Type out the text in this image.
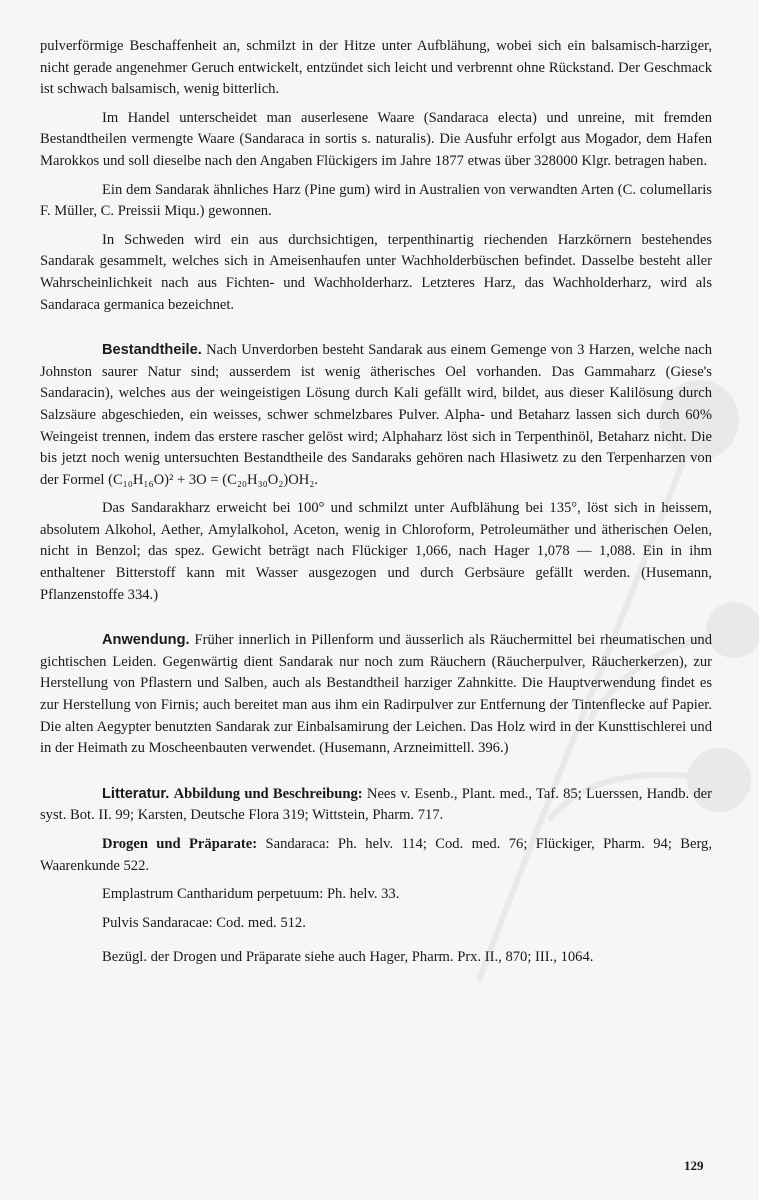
pulverförmige Beschaffenheit an, schmilzt in der Hitze unter Aufblähung, wobei sich ein balsamisch-harziger, nicht gerade angenehmer Geruch entwickelt, entzündet sich leicht und verbrennt ohne Rückstand. Der Geschmack ist schwach balsamisch, wenig bitterlich.

Im Handel unterscheidet man auserlesene Waare (Sandaraca electa) und unreine, mit fremden Bestandtheilen vermengte Waare (Sandaraca in sortis s. naturalis). Die Ausfuhr erfolgt aus Mogador, dem Hafen Marokkos und soll dieselbe nach den Angaben Flückigers im Jahre 1877 etwas über 328000 Klgr. betragen haben.

Ein dem Sandarak ähnliches Harz (Pine gum) wird in Australien von verwandten Arten (C. columellaris F. Müller, C. Preissii Miqu.) gewonnen.

In Schweden wird ein aus durchsichtigen, terpenthinartig riechenden Harzkörnern bestehendes Sandarak gesammelt, welches sich in Ameisenhaufen unter Wachholderbüschen befindet. Dasselbe besteht aller Wahrscheinlichkeit nach aus Fichten- und Wachholderharz. Letzteres Harz, das Wachholderharz, wird als Sandaraca germanica bezeichnet.

Bestandtheile. Nach Unverdorben besteht Sandarak aus einem Gemenge von 3 Harzen, welche nach Johnston saurer Natur sind; ausserdem ist wenig ätherisches Oel vorhanden. Das Gammaharz (Giese's Sandaracin), welches aus der weingeistigen Lösung durch Kali gefällt wird, bildet, aus dieser Kalilösung durch Salzsäure abgeschieden, ein weisses, schwer schmelzbares Pulver. Alpha- und Betaharz lassen sich durch 60% Weingeist trennen, indem das erstere rascher gelöst wird; Alphaharz löst sich in Terpenthinöl, Betaharz nicht. Die bis jetzt noch wenig untersuchten Bestandtheile des Sandaraks gehören nach Hlasiwetz zu den Terpenharzen von der Formel (C₁₀H₁₆O)² + 3O = (C₂₀H₃₀O₂)OH₂.

Das Sandarakharz erweicht bei 100° und schmilzt unter Aufblähung bei 135°, löst sich in heissem, absolutem Alkohol, Aether, Amylalkohol, Aceton, wenig in Chloroform, Petroleumäther und ätherischen Oelen, nicht in Benzol; das spez. Gewicht beträgt nach Flückiger 1,066, nach Hager 1,078 — 1,088. Ein in ihm enthaltener Bitterstoff kann mit Wasser ausgezogen und durch Gerbsäure gefällt werden. (Husemann, Pflanzenstoffe 334.)

Anwendung. Früher innerlich in Pillenform und äusserlich als Räuchermittel bei rheumatischen und gichtischen Leiden. Gegenwärtig dient Sandarak nur noch zum Räuchern (Räucherpulver, Räucherkerzen), zur Herstellung von Pflastern und Salben, auch als Bestandtheil harziger Zahnkitte. Die Hauptverwendung findet es zur Herstellung von Firnis; auch bereitet man aus ihm ein Radirpulver zur Entfernung der Tintenflecke auf Papier. Die alten Aegypter benutzten Sandarak zur Einbalsamirung der Leichen. Das Holz wird in der Kunsttischlerei und in der Heimath zu Moscheenbauten verwendet. (Husemann, Arzneimittell. 396.)

Litteratur. Abbildung und Beschreibung: Nees v. Esenb., Plant. med., Taf. 85; Luerssen, Handb. der syst. Bot. II. 99; Karsten, Deutsche Flora 319; Wittstein, Pharm. 717.

Drogen und Präparate: Sandaraca: Ph. helv. 114; Cod. med. 76; Flückiger, Pharm. 94; Berg, Waarenkunde 522.

Emplastrum Cantharidum perpetuum: Ph. helv. 33.

Pulvis Sandaracae: Cod. med. 512.

Bezügl. der Drogen und Präparate siehe auch Hager, Pharm. Prx. II., 870; III., 1064.

129
